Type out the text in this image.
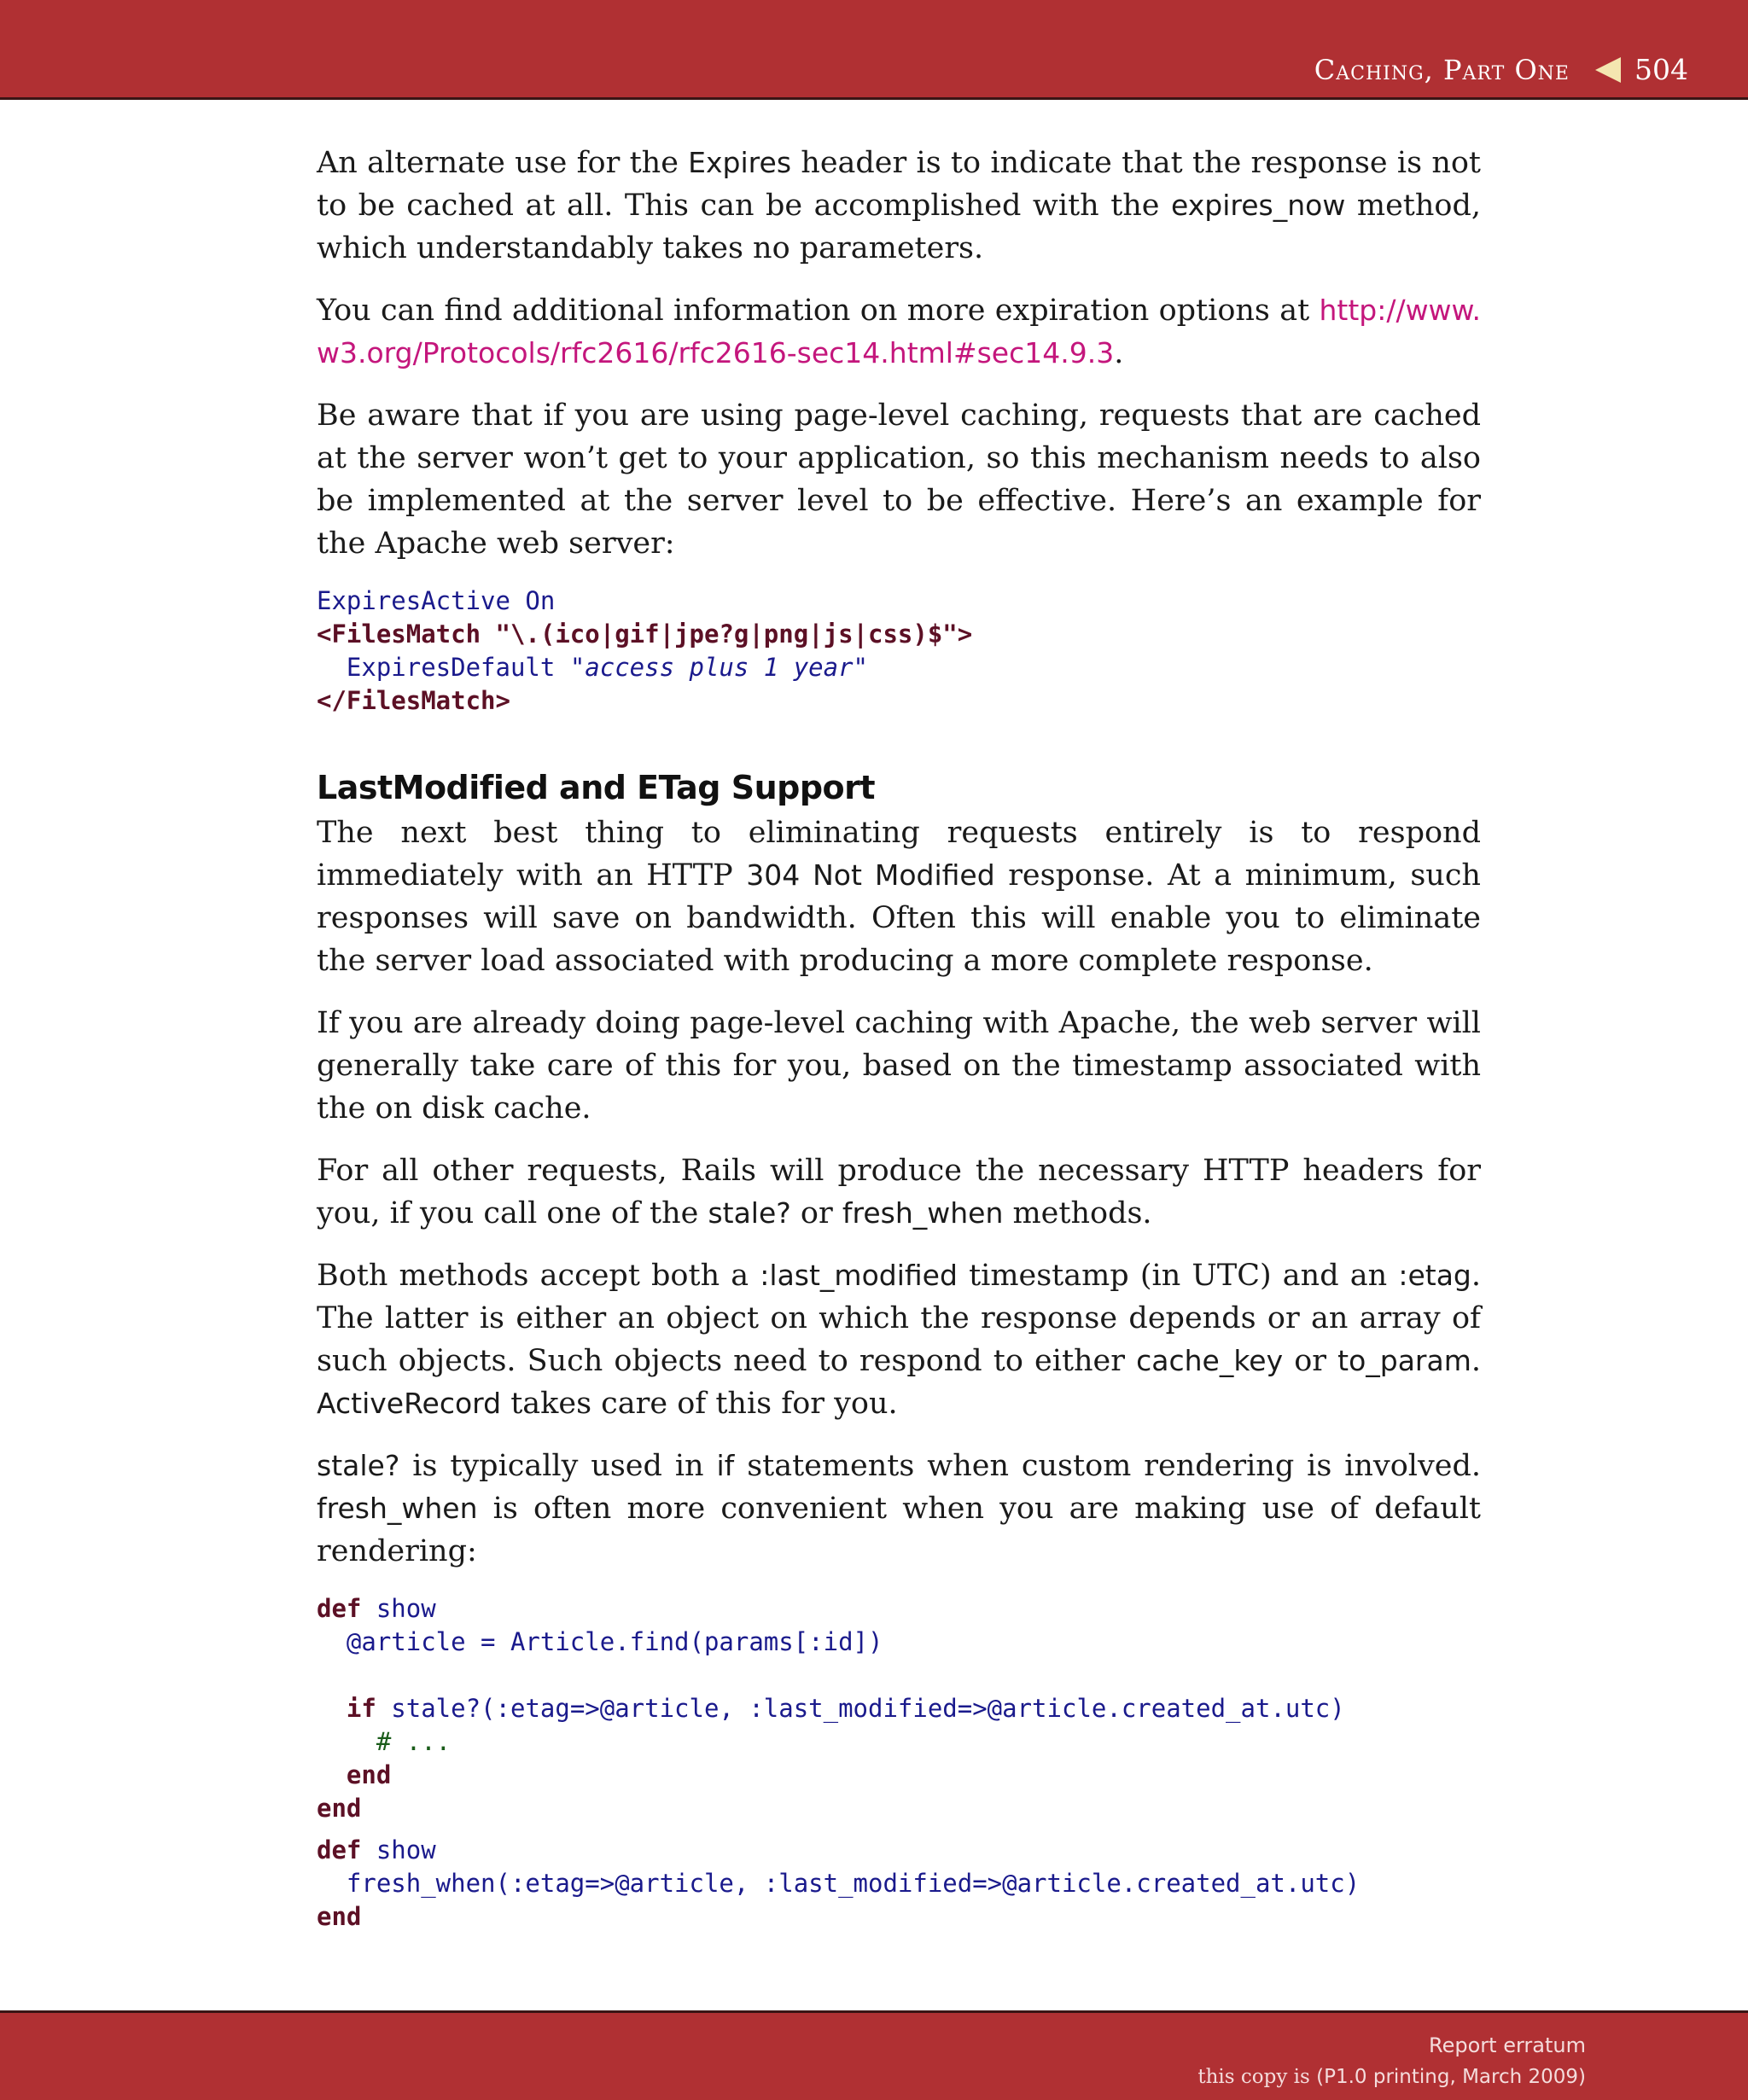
Caching, Part One 504

An alternate use for the Expires header is to indicate that the response is not to be cached at all. This can be accomplished with the expires_now method, which understandably takes no parameters.

You can find additional information on more expiration options at http://www.w3.org/Protocols/rfc2616/rfc2616-sec14.html#sec14.9.3.

Be aware that if you are using page-level caching, requests that are cached at the server won’t get to your application, so this mechanism needs to also be implemented at the server level to be effective. Here’s an example for the Apache web server:

ExpiresActive On
<FilesMatch "\.(ico|gif|jpe?g|png|js|css)$">
ExpiresDefault "access plus 1 year"
</FilesMatch>
LastModified and ETag Support

The next best thing to eliminating requests entirely is to respond immediately with an HTTP 304 Not Modified response. At a minimum, such responses will save on bandwidth. Often this will enable you to eliminate the server load associated with producing a more complete response.

If you are already doing page-level caching with Apache, the web server will generally take care of this for you, based on the timestamp associated with the on disk cache.

For all other requests, Rails will produce the necessary HTTP headers for you, if you call one of the stale? or fresh_when methods.

Both methods accept both a :last_modified timestamp (in UTC) and an :etag. The latter is either an object on which the response depends or an array of such objects. Such objects need to respond to either cache_key or to_param. ActiveRecord takes care of this for you.

stale? is typically used in if statements when custom rendering is involved. fresh_when is often more convenient when you are making use of default rendering:

def show
@article = Article.find(params[:id])
if stale?(:etag=>@article, :last_modified=>@article.created_at.utc)
# ...
end
end
def show
fresh_when(:etag=>@article, :last_modified=>@article.created_at.utc)
end
Report erratum
this copy is (P1.0 printing, March 2009)
